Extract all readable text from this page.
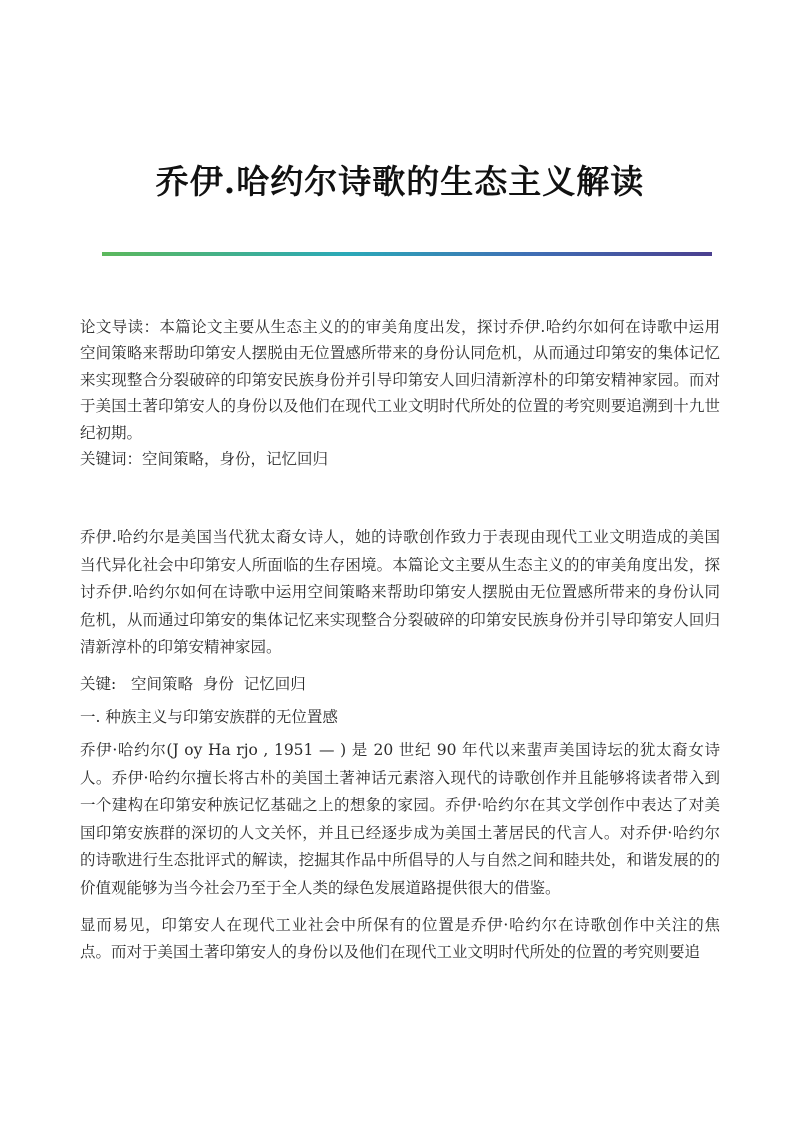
乔伊.哈约尔诗歌的生态主义解读

论文导读：本篇论文主要从生态主义的的审美角度出发，探讨乔伊.哈约尔如何在诗歌中运用空间策略来帮助印第安人摆脱由无位置感所带来的身份认同危机，从而通过印第安的集体记忆来实现整合分裂破碎的印第安民族身份并引导印第安人回归清新淳朴的印第安精神家园。而对于美国土著印第安人的身份以及他们在现代工业文明时代所处的位置的考究则要追溯到十九世纪初期。

关键词：空间策略，身份，记忆回归

乔伊.哈约尔是美国当代犹太裔女诗人，她的诗歌创作致力于表现由现代工业文明造成的美国当代异化社会中印第安人所面临的生存困境。本篇论文主要从生态主义的的审美角度出发，探讨乔伊.哈约尔如何在诗歌中运用空间策略来帮助印第安人摆脱由无位置感所带来的身份认同危机，从而通过印第安的集体记忆来实现整合分裂破碎的印第安民族身份并引导印第安人回归清新淳朴的印第安精神家园。

关键:   空间策略  身份  记忆回归

一. 种族主义与印第安族群的无位置感

乔伊·哈约尔(J oy Ha rjo , 1951 — ) 是 20 世纪 90 年代以来蜚声美国诗坛的犹太裔女诗人。乔伊·哈约尔擅长将古朴的美国土著神话元素溶入现代的诗歌创作并且能够将读者带入到一个建构在印第安种族记忆基础之上的想象的家园。乔伊·哈约尔在其文学创作中表达了对美国印第安族群的深切的人文关怀，并且已经逐步成为美国土著居民的代言人。对乔伊·哈约尔的诗歌进行生态批评式的解读，挖掘其作品中所倡导的人与自然之间和睦共处，和谐发展的的价值观能够为当今社会乃至于全人类的绿色发展道路提供很大的借鉴。

显而易见，印第安人在现代工业社会中所保有的位置是乔伊·哈约尔在诗歌创作中关注的焦点。而对于美国土著印第安人的身份以及他们在现代工业文明时代所处的位置的考究则要追
